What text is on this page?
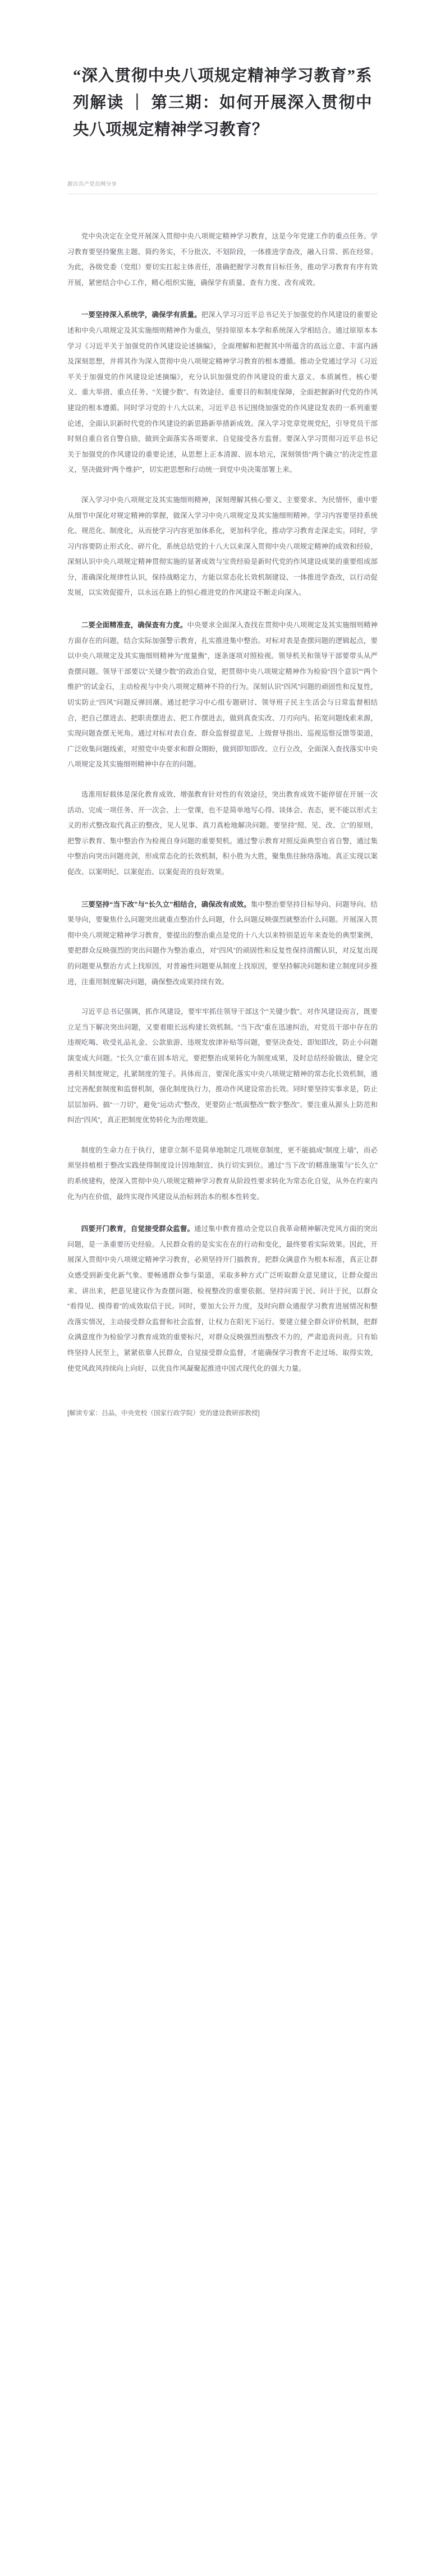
“深入贯彻中央八项规定精神学习教育”系列解读 ｜ 第三期：如何开展深入贯彻中央八项规定精神学习教育？

源自共产党员网分享

党中央决定在全党开展深入贯彻中央八项规定精神学习教育，这是今年党建工作的重点任务。学习教育要坚持聚焦主题、简约务实，不分批次、不划阶段，一体推进学查改，融入日常、抓在经常。为此，各级党委（党组）要切实扛起主体责任，准确把握学习教育目标任务，推动学习教育有序有效开展，紧密结合中心工作，精心组织实施，确保学有质量、查有力度、改有成效。

一要坚持深入系统学，确保学有质量。把深入学习习近平总书记关于加强党的作风建设的重要论述和中央八项规定及其实施细则精神作为重点，坚持原原本本学和系统深入学相结合。通过原原本本学习《习近平关于加强党的作风建设论述摘编》，全面理解和把握其中所蕴含的高远立意、丰富内涵及深刻思想，并将其作为深入贯彻中央八项规定精神学习教育的根本遵循。推动全党通过学习《习近平关于加强党的作风建设论述摘编》，充分认识加强党的作风建设的重大意义、本质属性、核心要义、重大举措、重点任务、“关键少数”、有效途径、重要目的和制度保障，全面把握新时代党的作风建设的根本遵循。同时学习党的十八大以来，习近平总书记围绕加强党的作风建设发表的一系列重要论述，全面认识新时代党的作风建设的新思路新举措新成效。深入学习党章党规党纪，引导党员干部时刻自重自省自警自励，做到全面落实各项要求、自觉接受各方监督。要深入学习贯彻习近平总书记关于加强党的作风建设的重要论述，从思想上正本清源、固本培元，深刻领悟“两个确立”的决定性意义，坚决做到“两个维护”，切实把思想和行动统一到党中央决策部署上来。

深入学习中央八项规定及其实施细则精神，深刻理解其核心要义、主要要求、为民情怀，重中要从细节中深化对规定精神的掌握，做深入学习中央八项规定及其实施细则精神。学习内容要坚持系统化、规范化、制度化，从而使学习内容更加体系化，更加科学化，推动学习教育走深走实。同时，学习内容要防止形式化、碎片化，系统总结党的十八大以来深入贯彻中央八项规定精神的成效和经验，深刻认识中央八项规定精神贯彻实施的显著成效与宝贵经验是新时代党的作风建设成果的重要组成部分，准确深化规律性认识，保持战略定力，方能以常态化长效机制建设、一体推进学查改，以行动促发展，以实效促提升，以永远在路上的恒心推进党的作风建设不断走向深入。

二要全面精准查，确保查有力度。中央要求全面深入查找在贯彻中央八项规定及其实施细则精神方面存在的问题，结合实际加强警示教育，扎实推进集中整治。对标对表是查摆问题的逻辑起点，要以中央八项规定及其实施细则精神为“度量衡”，逐条逐项对照检视。领导机关和领导干部要带头从严查摆问题。领导干部要以“关键少数”的政治自觉，把贯彻中央八项规定精神作为检验“四个意识”“两个维护”的试金石，主动检视与中央八项规定精神不符的行为。深刻认识“四风”问题的顽固性和反复性，切实防止“四风”问题反弹回潮。通过把学习中心组专题研讨、领导班子民主生活会与日常监督相结合，把自己摆进去、把职责摆进去、把工作摆进去，做到真查实改、刀刃向内。拓宽问题线索来源，实现问题查摆无死角。通过对标对表自查、群众监督提意见、上级督导指出、巡视巡察反馈等渠道，广泛收集问题线索，对照党中央要求和群众期盼，做到即知即改、立行立改，全面深入查找落实中央八项规定及其实施细则精神中存在的问题。

选准用好载体是深化教育成效、增强教育针对性的有效途径，突出教育成效不能停留在开展一次活动、完成一项任务、开一次会、上一堂课，也不是简单地写心得、谈体会、表态，更不能以形式主义的形式整改取代真正的整改，见人见事、真刀真枪地解决问题。要坚持“照、见、改、立”的原则，把警示教育、集中整治作为检视自身问题的重要契机。通过警示教育对照反面典型自省自警，通过集中整治向突出问题亮剑，形成常态化的长效机制，积小胜为大胜，聚集焦往脉络落地。真正实现以案促改、以案明纪、以案促治、以案促责的良好效果。

三要坚持“当下改”与“长久立”相结合，确保改有成效。集中整治要坚持目标导向、问题导向、结果导向，要聚焦什么问题突出就重点整治什么问题，什么问题反映强烈就整治什么问题。开展深入贯彻中央八项规定精神学习教育，要提出的整治重点是党的十八大以来特别是近年来查处的典型案例，要把群众反映强烈的突出问题作为整治重点，对“四风”的顽固性和反复性保持清醒认识，对反复出现的问题要从整治方式上找原因，对普遍性问题要从制度上找原因，要坚持解决问题和建立制度同步推进，注重用制度解决问题，确保整改成果持续有效。

习近平总书记强调，抓作风建设，要牢牢抓住领导干部这个“关键少数”。对作风建设而言，既要立足当下解决突出问题，又要着眼长远构建长效机制。“当下改”重在迅速纠治，对党员干部中存在的违规吃喝、收受礼品礼金、公款旅游、违规发放津补贴等问题，要坚决查处、即知即改，防止小问题演变成大问题。“长久立”重在固本培元，要把整治成果转化为制度成果，及时总结经验做法，健全完善相关制度规定，扎紧制度的笼子。具体而言，要深化落实中央八项规定精神的常态化长效机制，通过完善配套制度和监督机制，强化制度执行力，推动作风建设常治长效。同时要坚持实事求是，防止层层加码、搞“一刀切”，避免“运动式”整改，更要防止“纸面整改”“数字整改”。要注重从源头上防范和纠治“四风”，真正把制度优势转化为治理效能。

制度的生命力在于执行，建章立制不是简单地制定几项规章制度，更不能搞成“制度上墙”，而必须坚持植根于整改实践使得制度设计因地制宜、执行切实到位。通过“当下改”的精准施策与“长久立”的系统建构，使深入贯彻中央八项规定精神学习教育从阶段性要求转化为常态化自觉，从外在约束内化为内在价值，最终实现作风建设从治标到治本的根本性转变。

四要开门教育，自觉接受群众监督。通过集中教育推动全党以自我革命精神解决党风方面的突出问题，是一条重要历史经验。人民群众看的是实实在在的行动和变化，最终要看实际效果。因此，开展深入贯彻中央八项规定精神学习教育，必须坚持开门搞教育，把群众满意作为根本标准，真正让群众感受到新变化新气象。要畅通群众参与渠道，采取多种方式广泛听取群众意见建议，让群众提出来、讲出来，把意见建议作为查摆问题、检视整改的重要依据。坚持问需于民、问计于民，以群众“看得见、摸得着”的成效取信于民。同时，要加大公开力度，及时向群众通报学习教育进展情况和整改落实情况，主动接受群众监督和社会监督，让权力在阳光下运行。要建立健全群众评价机制，把群众满意度作为检验学习教育成效的重要标尺，对群众反映强烈而整改不力的，严肃追责问责。只有始终坚持人民至上，紧紧依靠人民群众，自觉接受群众监督，才能确保学习教育不走过场、取得实效，使党风政风持续向上向好，以优良作风凝聚起推进中国式现代化的强大力量。

[解读专家：吕品，中央党校（国家行政学院）党的建设教研部教授]
